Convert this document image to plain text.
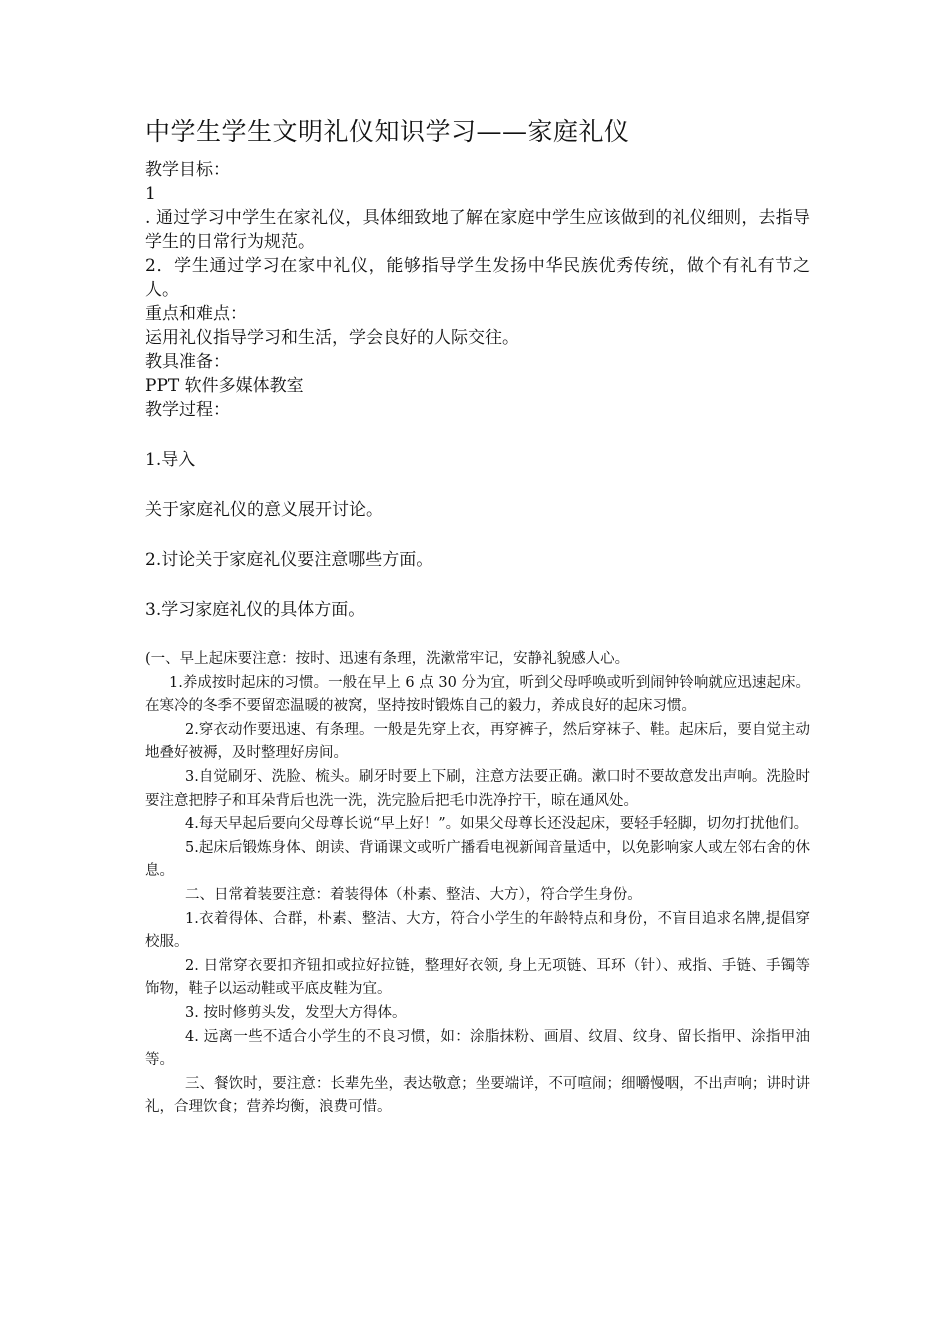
中学生学生文明礼仪知识学习——家庭礼仪

教学目标：

1

. 通过学习中学生在家礼仪，具体细致地了解在家庭中学生应该做到的礼仪细则，去指导学生的日常行为规范。

2．学生通过学习在家中礼仪，能够指导学生发扬中华民族优秀传统，做个有礼有节之人。

重点和难点：

运用礼仪指导学习和生活，学会良好的人际交往。

教具准备：

PPT 软件多媒体教室

教学过程：

1.导入

关于家庭礼仪的意义展开讨论。

2.讨论关于家庭礼仪要注意哪些方面。

3.学习家庭礼仪的具体方面。

(一、早上起床要注意：按时、迅速有条理，洗漱常牢记，安静礼貌感人心。

1.养成按时起床的习惯。一般在早上 6 点 30 分为宜，听到父母呼唤或听到闹钟铃响就应迅速起床。在寒冷的冬季不要留恋温暖的被窝，坚持按时锻炼自己的毅力，养成良好的起床习惯。

2.穿衣动作要迅速、有条理。一般是先穿上衣，再穿裤子，然后穿袜子、鞋。起床后，要自觉主动地叠好被褥，及时整理好房间。

3.自觉刷牙、洗脸、梳头。刷牙时要上下刷，注意方法要正确。漱口时不要故意发出声响。洗脸时要注意把脖子和耳朵背后也洗一洗，洗完脸后把毛巾洗净拧干，晾在通风处。

4.每天早起后要向父母尊长说“早上好！”。如果父母尊长还没起床，要轻手轻脚，切勿打扰他们。

5.起床后锻炼身体、朗读、背诵课文或听广播看电视新闻音量适中，以免影响家人或左邻右舍的休息。

二、日常着装要注意：着装得体（朴素、整洁、大方），符合学生身份。

1.衣着得体、合群，朴素、整洁、大方，符合小学生的年龄特点和身份，不盲目追求名牌,提倡穿校服。

2. 日常穿衣要扣齐钮扣或拉好拉链，整理好衣领, 身上无项链、耳环（针）、戒指、手链、手镯等饰物，鞋子以运动鞋或平底皮鞋为宜。

3. 按时修剪头发，发型大方得体。

4. 远离一些不适合小学生的不良习惯，如：涂脂抹粉、画眉、纹眉、纹身、留长指甲、涂指甲油等。

三、餐饮时，要注意：长辈先坐，表达敬意；坐要端详，不可喧闹；细嚼慢咽，不出声响；讲时讲礼，合理饮食；营养均衡，浪费可惜。
